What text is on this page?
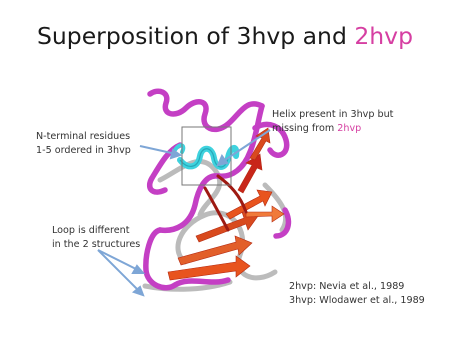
Superposition of 3hvp and 2hvp
N-terminal residues
1-5 ordered in 3hvp
Helix present in 3hvp but
missing from 2hvp
Loop is different
in the 2 structures
2hvp: Nevia et al., 1989
3hvp: Wlodawer et al., 1989
